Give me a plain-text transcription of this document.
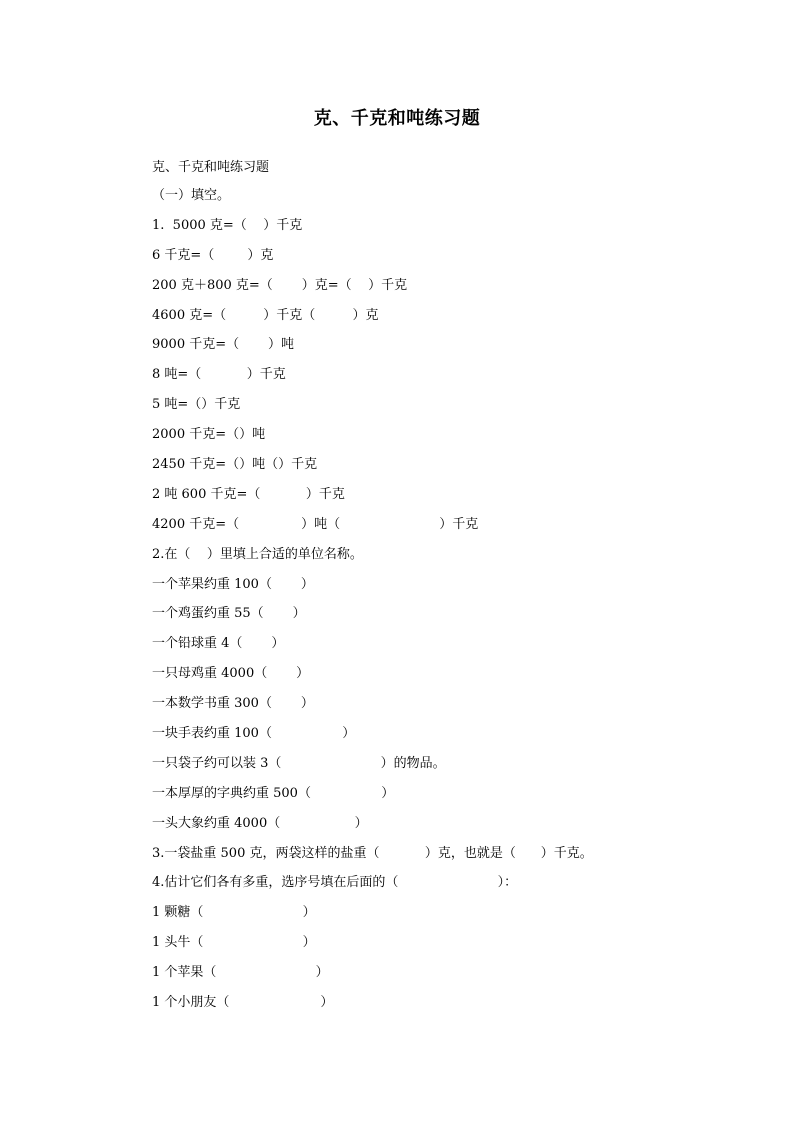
克、千克和吨练习题
克、千克和吨练习题
（一）填空。
1.  5000 克=（    ）千克
6 千克=（        ）克
200 克＋800 克=（       ）克=（    ）千克
4600 克=（         ）千克（         ）克
9000 千克=（       ）吨
8 吨=（           ）千克
5 吨=（）千克
2000 千克=（）吨
2450 千克=（）吨（）千克
2 吨 600 千克=（           ）千克
4200 千克=（               ）吨（                        ）千克
2.在（    ）里填上合适的单位名称。
一个苹果约重 100（       ）
一个鸡蛋约重 55（       ）
一个铅球重 4（       ）
一只母鸡重 4000（       ）
一本数学书重 300（       ）
一块手表约重 100（                 ）
一只袋子约可以装 3（                        ）的物品。
一本厚厚的字典约重 500（                 ）
一头大象约重 4000（                  ）
3.一袋盐重 500 克，两袋这样的盐重（           ）克，也就是（      ）千克。
4.估计它们各有多重，选序号填在后面的（                        ）：
1 颗糖（                        ）
1 头牛（                        ）
1 个苹果（                        ）
1 个小朋友（                      ）
